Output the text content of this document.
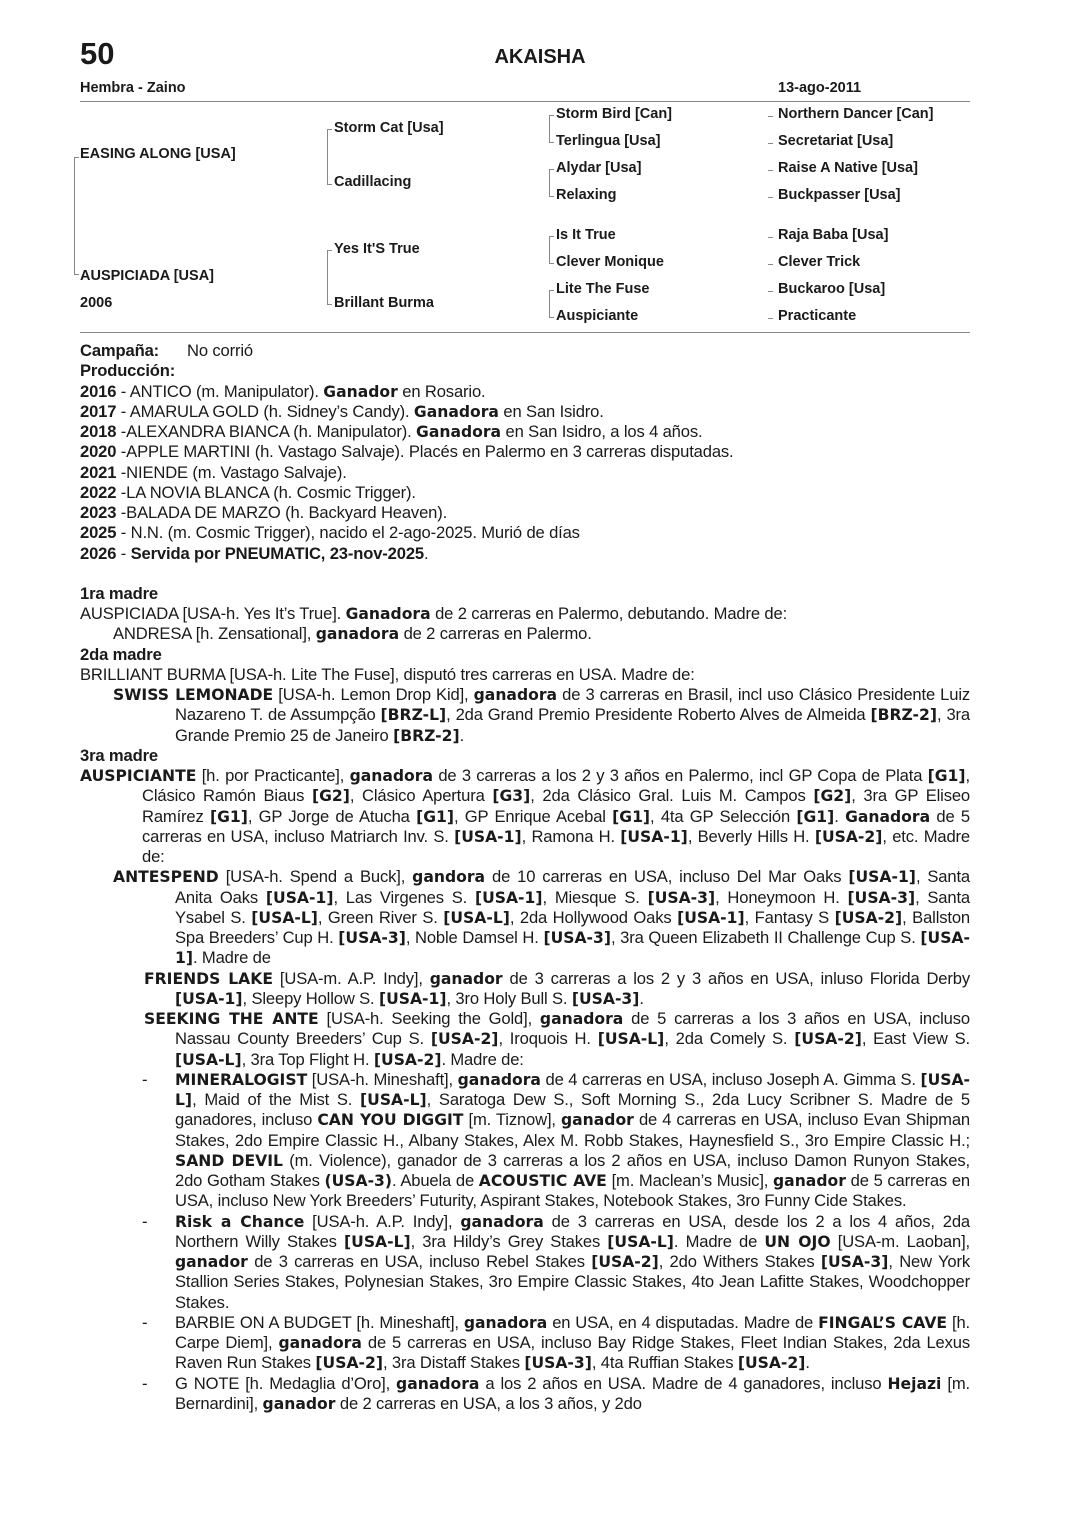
50	AKAISHA
Hembra - Zaino	13-ago-2011
EASING ALONG [USA]
AUSPICIADA [USA]
2006
Storm Cat [Usa]
Cadillacing
Yes It'S True
Brillant Burma
Storm Bird [Can]
Terlingua [Usa]
Alydar [Usa]
Relaxing
Is It True
Clever Monique
Lite The Fuse
Auspiciante
Northern Dancer [Can]
Secretariat [Usa]
Raise A Native [Usa]
Buckpasser [Usa]
Raja Baba [Usa]
Clever Trick
Buckaroo [Usa]
Practicante

Campaña: No corrió

Producción:

2016 - ANTICO (m. Manipulator). Ganador en Rosario.

2017 - AMARULA GOLD (h. Sidney’s Candy). Ganadora en San Isidro.

2018 -ALEXANDRA BIANCA (h. Manipulator). Ganadora en San Isidro, a los 4 años.

2020 -APPLE MARTINI (h. Vastago Salvaje). Placés en Palermo en 3 carreras disputadas.

2021 -NIENDE (m. Vastago Salvaje).

2022 -LA NOVIA BLANCA (h. Cosmic Trigger).

2023 -BALADA DE MARZO (h. Backyard Heaven).

2025 - N.N. (m. Cosmic Trigger), nacido el 2-ago-2025. Murió de días

2026 - Servida por PNEUMATIC, 23-nov-2025.

1ra madre

AUSPICIADA [USA-h. Yes It’s True]. Ganadora de 2 carreras en Palermo, debutando. Madre de:

ANDRESA [h. Zensational], ganadora de 2 carreras en Palermo.

2da madre

BRILLIANT BURMA [USA-h. Lite The Fuse], disputó tres carreras en USA. Madre de:

SWISS LEMONADE [USA-h. Lemon Drop Kid], ganadora de 3 carreras en Brasil, incl uso Clásico Presidente Luiz Nazareno T. de Assumpção [BRZ-L], 2da Grand Premio Presidente Roberto Alves de Almeida [BRZ-2], 3ra Grande Premio 25 de Janeiro [BRZ-2].

3ra madre

AUSPICIANTE [h. por Practicante], ganadora de 3 carreras a los 2 y 3 años en Palermo, incl GP Copa de Plata [G1], Clásico Ramón Biaus [G2], Clásico Apertura [G3], 2da Clásico Gral. Luis M. Campos [G2], 3ra GP Eliseo Ramírez [G1], GP Jorge de Atucha [G1], GP Enrique Acebal [G1], 4ta GP Selección [G1]. Ganadora de 5 carreras en USA, incluso Matriarch Inv. S. [USA-1], Ramona H. [USA-1], Beverly Hills H. [USA-2], etc. Madre de:

ANTESPEND [USA-h. Spend a Buck], gandora de 10 carreras en USA, incluso Del Mar Oaks [USA-1], Santa Anita Oaks [USA-1], Las Virgenes S. [USA-1], Miesque S. [USA-3], Honeymoon H. [USA-3], Santa Ysabel S. [USA-L], Green River S. [USA-L], 2da Hollywood Oaks [USA-1], Fantasy S [USA-2], Ballston Spa Breeders’ Cup H. [USA-3], Noble Damsel H. [USA-3], 3ra Queen Elizabeth II Challenge Cup S. [USA-1]. Madre de

FRIENDS LAKE [USA-m. A.P. Indy], ganador de 3 carreras a los 2 y 3 años en USA, inluso Florida Derby [USA-1], Sleepy Hollow S. [USA-1], 3ro Holy Bull S. [USA-3].

SEEKING THE ANTE [USA-h. Seeking the Gold], ganadora de 5 carreras a los 3 años en USA, incluso Nassau County Breeders’ Cup S. [USA-2], Iroquois H. [USA-L], 2da Comely S. [USA-2], East View S. [USA-L], 3ra Top Flight H. [USA-2]. Madre de:

- MINERALOGIST [USA-h. Mineshaft], ganadora de 4 carreras en USA, incluso Joseph A. Gimma S. [USA-L], Maid of the Mist S. [USA-L], Saratoga Dew S., Soft Morning S., 2da Lucy Scribner S. Madre de 5 ganadores, incluso CAN YOU DIGGIT [m. Tiznow], ganador de 4 carreras en USA, incluso Evan Shipman Stakes, 2do Empire Classic H., Albany Stakes, Alex M. Robb Stakes, Haynesfield S., 3ro Empire Classic H.; SAND DEVIL (m. Violence), ganador de 3 carreras a los 2 años en USA, incluso Damon Runyon Stakes, 2do Gotham Stakes (USA-3). Abuela de ACOUSTIC AVE [m. Maclean’s Music], ganador de 5 carreras en USA, incluso New York Breeders’ Futurity, Aspirant Stakes, Notebook Stakes, 3ro Funny Cide Stakes.
- Risk a Chance [USA-h. A.P. Indy], ganadora de 3 carreras en USA, desde los 2 a los 4 años, 2da Northern Willy Stakes [USA-L], 3ra Hildy’s Grey Stakes [USA-L]. Madre de UN OJO [USA-m. Laoban], ganador de 3 carreras en USA, incluso Rebel Stakes [USA-2], 2do Withers Stakes [USA-3], New York Stallion Series Stakes, Polynesian Stakes, 3ro Empire Classic Stakes, 4to Jean Lafitte Stakes, Woodchopper Stakes.
- BARBIE ON A BUDGET [h. Mineshaft], ganadora en USA, en 4 disputadas. Madre de FINGAL’S CAVE [h. Carpe Diem], ganadora de 5 carreras en USA, incluso Bay Ridge Stakes, Fleet Indian Stakes, 2da Lexus Raven Run Stakes [USA-2], 3ra Distaff Stakes [USA-3], 4ta Ruffian Stakes [USA-2].
- G NOTE [h. Medaglia d’Oro], ganadora a los 2 años en USA. Madre de 4 ganadores, incluso Hejazi [m. Bernardini], ganador de 2 carreras en USA, a los 3 años, y 2do
